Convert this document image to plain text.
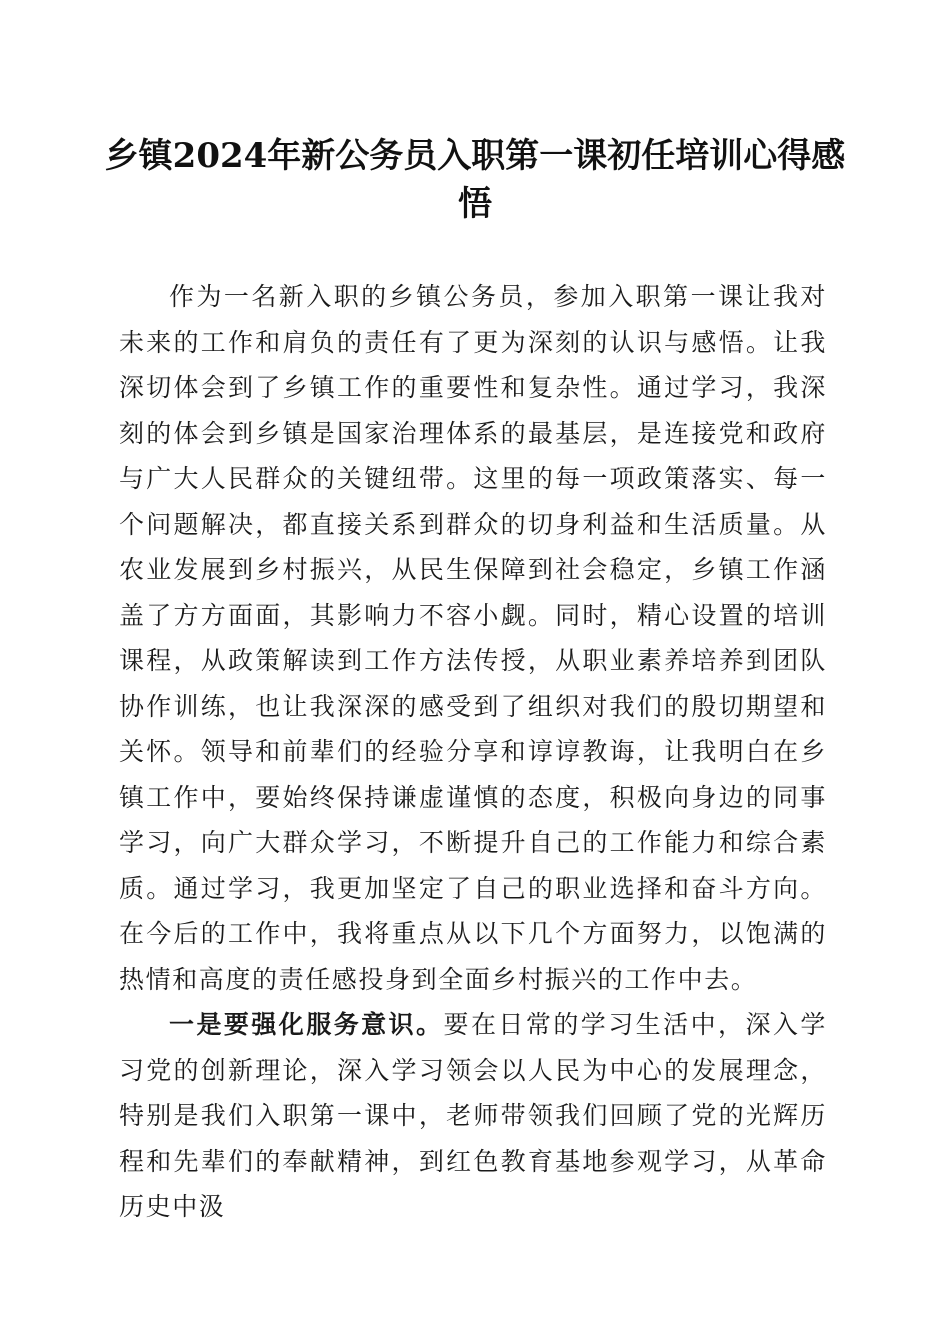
乡镇2024年新公务员入职第一课初任培训心得感悟

作为一名新入职的乡镇公务员，参加入职第一课让我对未来的工作和肩负的责任有了更为深刻的认识与感悟。让我深切体会到了乡镇工作的重要性和复杂性。通过学习，我深刻的体会到乡镇是国家治理体系的最基层，是连接党和政府与广大人民群众的关键纽带。这里的每一项政策落实、每一个问题解决，都直接关系到群众的切身利益和生活质量。从农业发展到乡村振兴，从民生保障到社会稳定，乡镇工作涵盖了方方面面，其影响力不容小觑。同时，精心设置的培训课程，从政策解读到工作方法传授，从职业素养培养到团队协作训练，也让我深深的感受到了组织对我们的殷切期望和关怀。领导和前辈们的经验分享和谆谆教诲，让我明白在乡镇工作中，要始终保持谦虚谨慎的态度，积极向身边的同事学习，向广大群众学习，不断提升自己的工作能力和综合素质。通过学习，我更加坚定了自己的职业选择和奋斗方向。在今后的工作中，我将重点从以下几个方面努力，以饱满的热情和高度的责任感投身到全面乡村振兴的工作中去。

一是要强化服务意识。要在日常的学习生活中，深入学习党的创新理论，深入学习领会以人民为中心的发展理念，特别是我们入职第一课中，老师带领我们回顾了党的光辉历程和先辈们的奉献精神，到红色教育基地参观学习，从革命历史中汲
